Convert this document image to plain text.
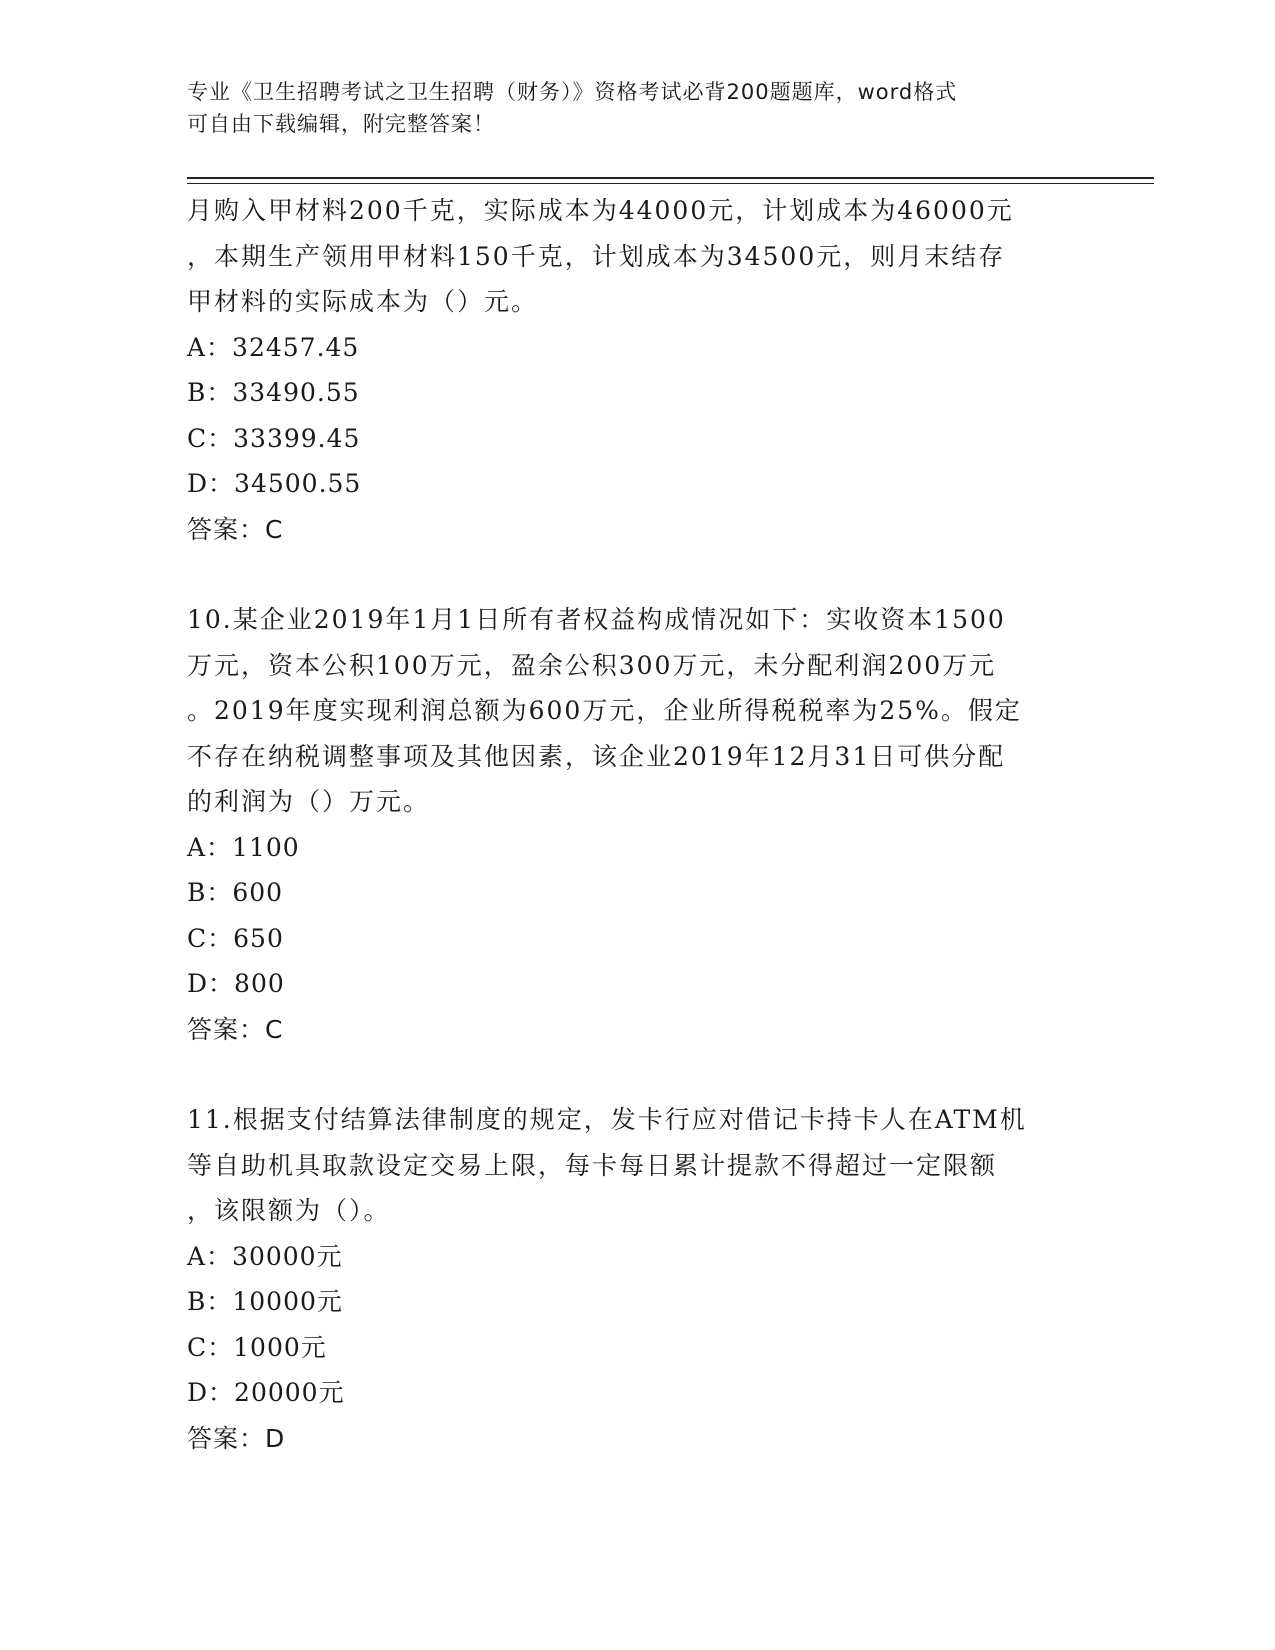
专业《卫生招聘考试之卫生招聘（财务）》资格考试必背200题题库，word格式
可自由下载编辑，附完整答案！
月购入甲材料200千克，实际成本为44000元，计划成本为46000元
，本期生产领用甲材料150千克，计划成本为34500元，则月末结存
甲材料的实际成本为（）元。
A：32457.45
B：33490.55
C：33399.45
D：34500.55
答案：C
10.某企业2019年1月1日所有者权益构成情况如下：实收资本1500
万元，资本公积100万元，盈余公积300万元，未分配利润200万元
。2019年度实现利润总额为600万元，企业所得税税率为25%。假定
不存在纳税调整事项及其他因素，该企业2019年12月31日可供分配
的利润为（）万元。
A：1100
B：600
C：650
D：800
答案：C
11.根据支付结算法律制度的规定，发卡行应对借记卡持卡人在ATM机
等自助机具取款设定交易上限，每卡每日累计提款不得超过一定限额
，该限额为（）。
A：30000元
B：10000元
C：1000元
D：20000元
答案：D
